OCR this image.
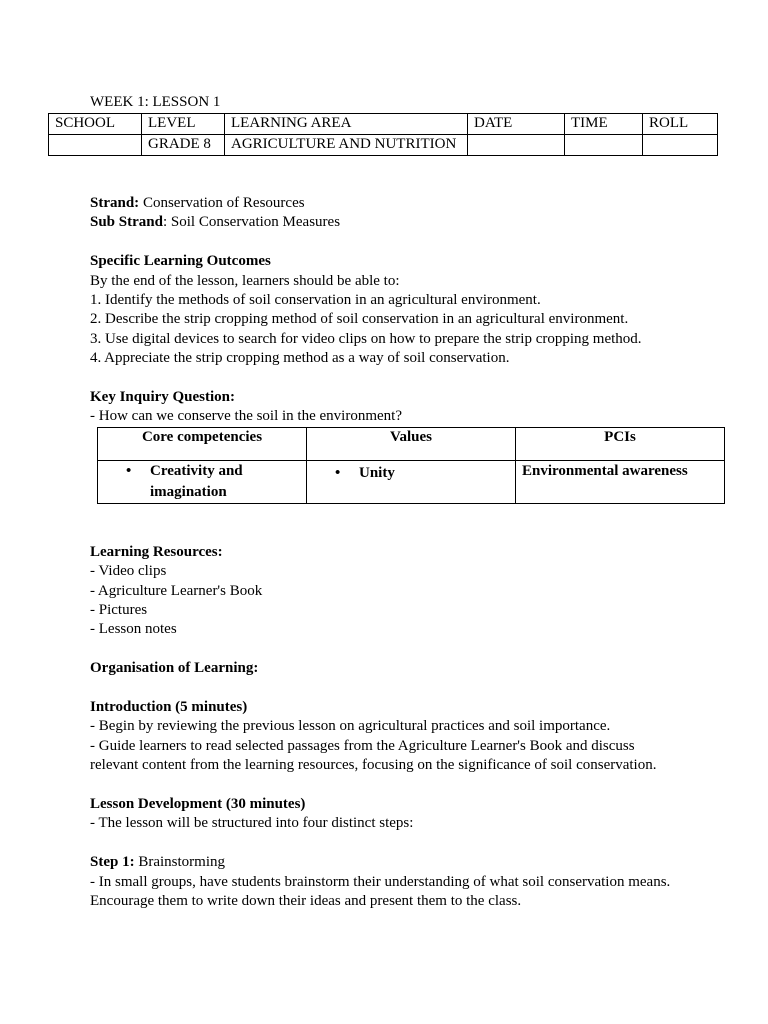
WEEK 1: LESSON 1
SCHOOL	LEVEL	LEARNING AREA	DATE	TIME	ROLL
	GRADE 8	AGRICULTURE AND NUTRITION			
Strand: Conservation of Resources
Sub Strand: Soil Conservation Measures
Specific Learning Outcomes
By the end of the lesson, learners should be able to:
1. Identify the methods of soil conservation in an agricultural environment.
2. Describe the strip cropping method of soil conservation in an agricultural environment.
3. Use digital devices to search for video clips on how to prepare the strip cropping method.
4. Appreciate the strip cropping method as a way of soil conservation.
Key Inquiry Question:
- How can we conserve the soil in the environment?
Core competencies	Values	PCIs

• Creativity and imagination	• Unity	Environmental awareness
Learning Resources:
- Video clips
- Agriculture Learner's Book
- Pictures
- Lesson notes
Organisation of Learning:
Introduction (5 minutes)
- Begin by reviewing the previous lesson on agricultural practices and soil importance.
- Guide learners to read selected passages from the Agriculture Learner's Book and discuss
relevant content from the learning resources, focusing on the significance of soil conservation.
Lesson Development (30 minutes)
- The lesson will be structured into four distinct steps:
Step 1: Brainstorming
- In small groups, have students brainstorm their understanding of what soil conservation means.
Encourage them to write down their ideas and present them to the class.
